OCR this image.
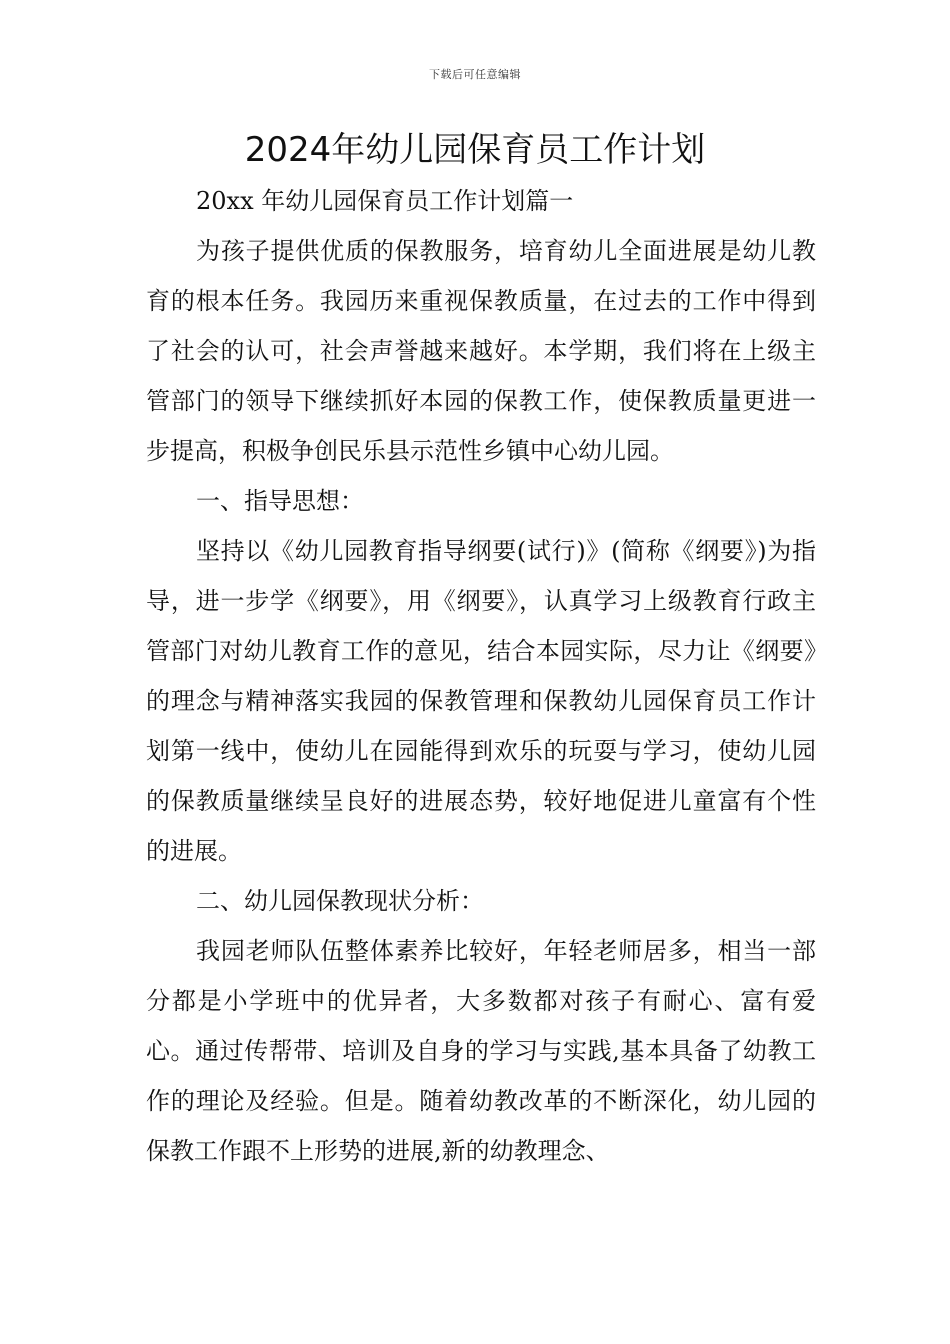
下载后可任意编辑
2024年幼儿园保育员工作计划

20xx 年幼儿园保育员工作计划篇一

为孩子提供优质的保教服务，培育幼儿全面进展是幼儿教育的根本任务。我园历来重视保教质量，在过去的工作中得到了社会的认可，社会声誉越来越好。本学期，我们将在上级主管部门的领导下继续抓好本园的保教工作，使保教质量更进一步提高，积极争创民乐县示范性乡镇中心幼儿园。

一、指导思想：

坚持以《幼儿园教育指导纲要(试行)》(简称《纲要》)为指导，进一步学《纲要》，用《纲要》，认真学习上级教育行政主管部门对幼儿教育工作的意见，结合本园实际，尽力让《纲要》的理念与精神落实我园的保教管理和保教幼儿园保育员工作计划第一线中，使幼儿在园能得到欢乐的玩耍与学习，使幼儿园的保教质量继续呈良好的进展态势，较好地促进儿童富有个性的进展。

二、幼儿园保教现状分析：

我园老师队伍整体素养比较好，年轻老师居多，相当一部分都是小学班中的优异者，大多数都对孩子有耐心、富有爱心。通过传帮带、培训及自身的学习与实践,基本具备了幼教工作的理论及经验。但是。随着幼教改革的不断深化，幼儿园的保教工作跟不上形势的进展,新的幼教理念、
